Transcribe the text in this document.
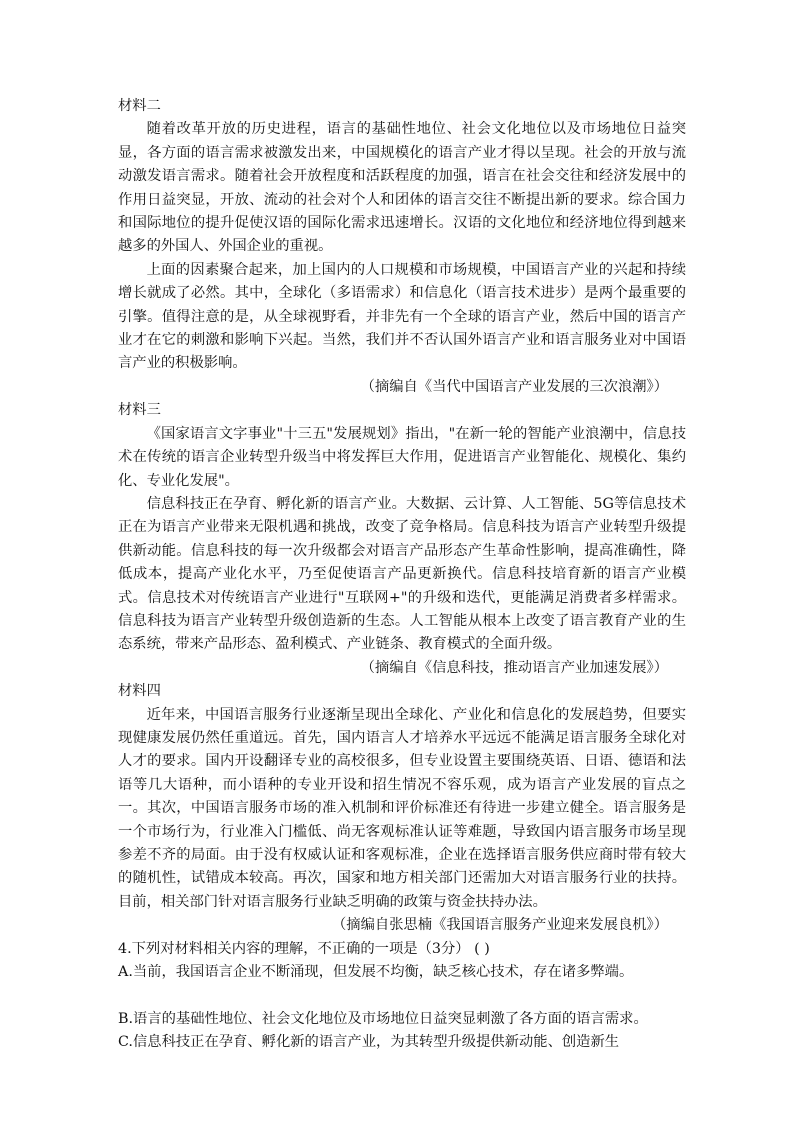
材料二

随着改革开放的历史进程，语言的基础性地位、社会文化地位以及市场地位日益突显，各方面的语言需求被激发出来，中国规模化的语言产业才得以呈现。社会的开放与流动激发语言需求。随着社会开放程度和活跃程度的加强，语言在社会交往和经济发展中的作用日益突显，开放、流动的社会对个人和团体的语言交往不断提出新的要求。综合国力和国际地位的提升促使汉语的国际化需求迅速增长。汉语的文化地位和经济地位得到越来越多的外国人、外国企业的重视。

上面的因素聚合起来，加上国内的人口规模和市场规模，中国语言产业的兴起和持续增长就成了必然。其中，全球化（多语需求）和信息化（语言技术进步）是两个最重要的引擎。值得注意的是，从全球视野看，并非先有一个全球的语言产业，然后中国的语言产业才在它的刺激和影响下兴起。当然，我们并不否认国外语言产业和语言服务业对中国语言产业的积极影响。

（摘编自《当代中国语言产业发展的三次浪潮》）

材料三

《国家语言文字事业"十三五"发展规划》指出，"在新一轮的智能产业浪潮中，信息技术在传统的语言企业转型升级当中将发挥巨大作用，促进语言产业智能化、规模化、集约化、专业化发展"。

信息科技正在孕育、孵化新的语言产业。大数据、云计算、人工智能、5G等信息技术正在为语言产业带来无限机遇和挑战，改变了竞争格局。信息科技为语言产业转型升级提供新动能。信息科技的每一次升级都会对语言产品形态产生革命性影响，提高准确性，降低成本，提高产业化水平，乃至促使语言产品更新换代。信息科技培育新的语言产业模式。信息技术对传统语言产业进行"互联网+"的升级和迭代，更能满足消费者多样需求。信息科技为语言产业转型升级创造新的生态。人工智能从根本上改变了语言教育产业的生态系统，带来产品形态、盈利模式、产业链条、教育模式的全面升级。

（摘编自《信息科技，推动语言产业加速发展》）

材料四

近年来，中国语言服务行业逐渐呈现出全球化、产业化和信息化的发展趋势，但要实现健康发展仍然任重道远。首先，国内语言人才培养水平远远不能满足语言服务全球化对人才的要求。国内开设翻译专业的高校很多，但专业设置主要围绕英语、日语、德语和法语等几大语种，而小语种的专业开设和招生情况不容乐观，成为语言产业发展的盲点之一。其次，中国语言服务市场的准入机制和评价标准还有待进一步建立健全。语言服务是一个市场行为，行业准入门槛低、尚无客观标准认证等难题，导致国内语言服务市场呈现参差不齐的局面。由于没有权威认证和客观标准，企业在选择语言服务供应商时带有较大的随机性，试错成本较高。再次，国家和地方相关部门还需加大对语言服务行业的扶持。目前，相关部门针对语言服务行业缺乏明确的政策与资金扶持办法。

（摘编自张思楠《我国语言服务产业迎来发展良机》）

4.下列对材料相关内容的理解，不正确的一项是（3分） ( )

A.当前，我国语言企业不断涌现，但发展不均衡，缺乏核心技术，存在诸多弊端。

B.语言的基础性地位、社会文化地位及市场地位日益突显刺激了各方面的语言需求。

C.信息科技正在孕育、孵化新的语言产业，为其转型升级提供新动能、创造新生
